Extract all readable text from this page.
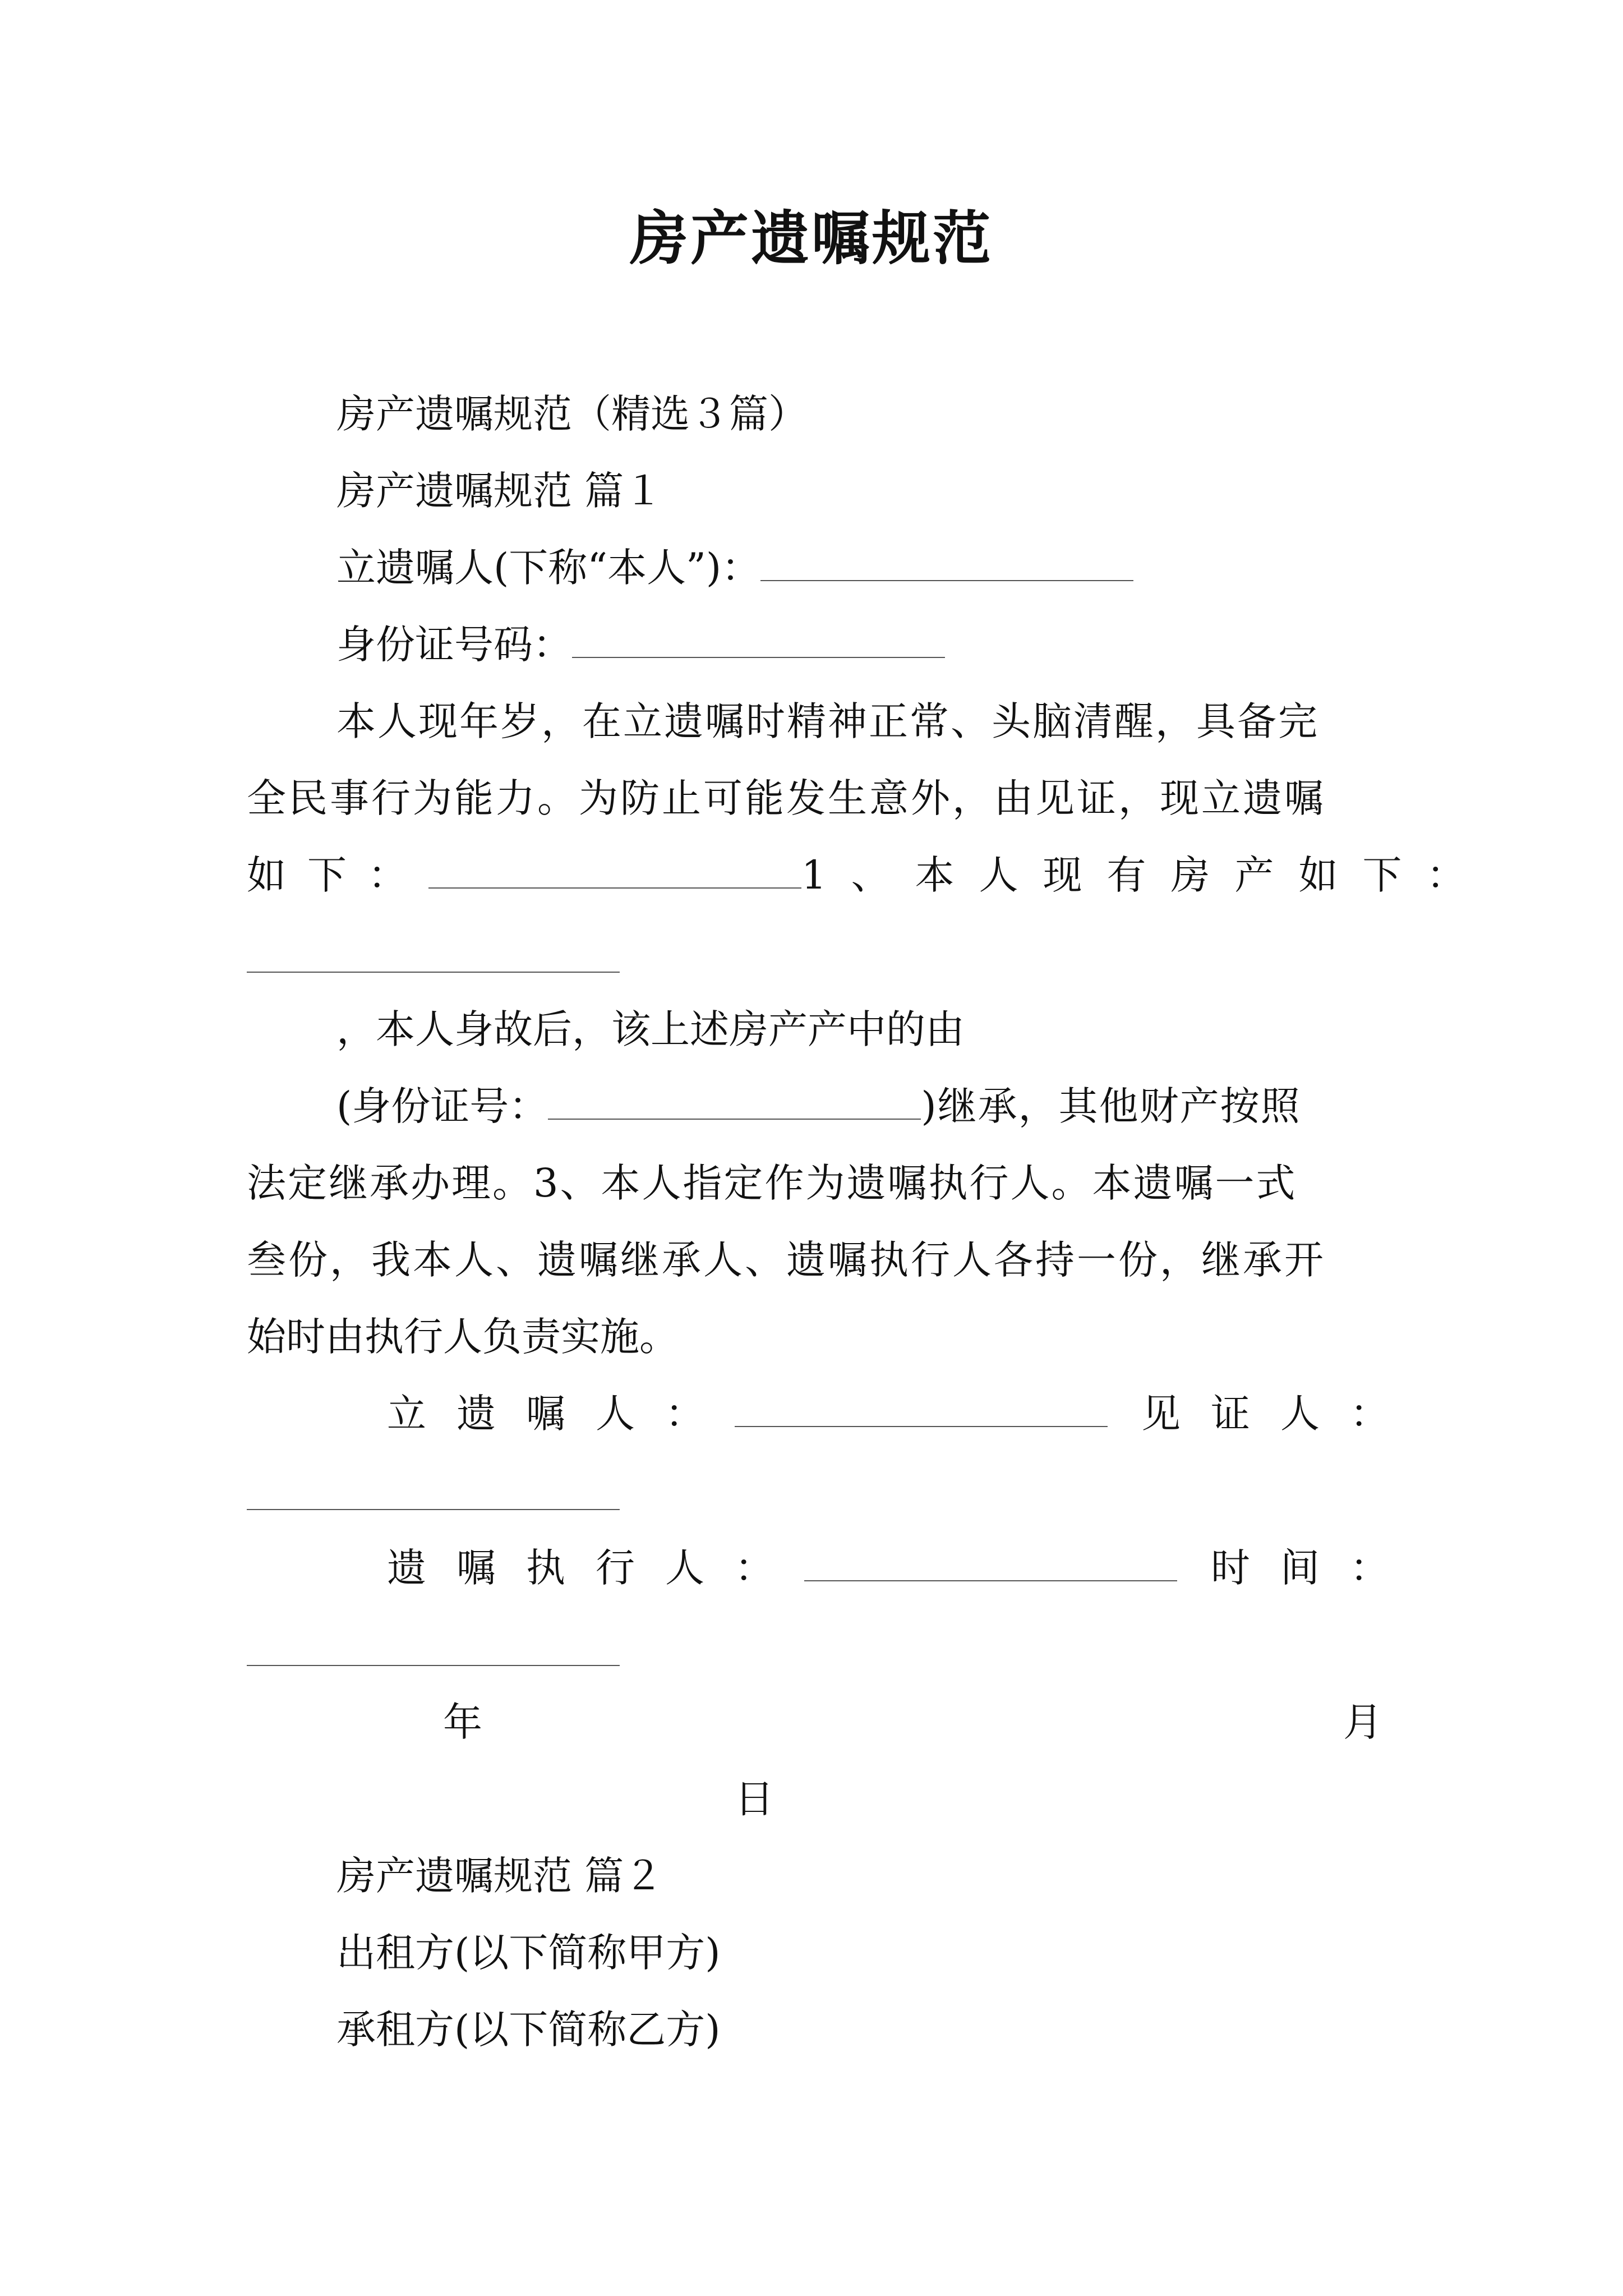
房产遗嘱规范
房产遗嘱规范（精选３篇）
房产遗嘱规范 篇１
立遗嘱人(下称“本人”)：
身份证号码：
本人现年岁，在立遗嘱时精神正常、头脑清醒，具备完
全民事行为能力。为防止可能发生意外，由见证，现立遗嘱
如下：	1、本人现有房产如下：
，本人身故后，该上述房产产中的由
(身份证号：	)继承，其他财产按照
法定继承办理。3、本人指定作为遗嘱执行人。本遗嘱一式
叁份，我本人、遗嘱继承人、遗嘱执行人各持一份，继承开
始时由执行人负责实施。
立遗嘱人：	见证人：
遗嘱执行人：	时间：
年	月
日
房产遗嘱规范 篇２
出租方(以下简称甲方)
承租方(以下简称乙方)
